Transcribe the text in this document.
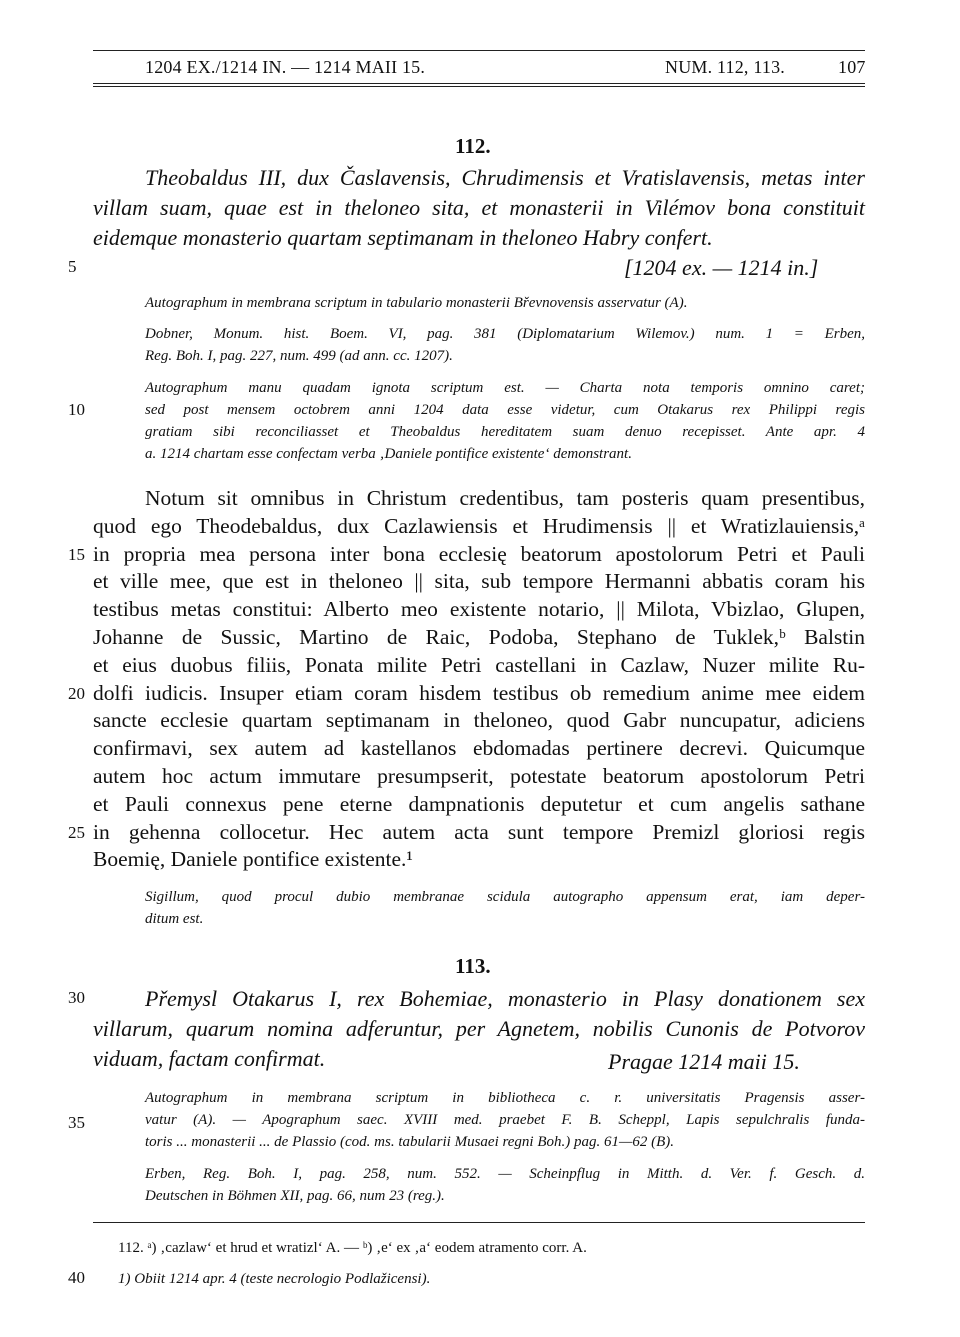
1204 EX./1214 IN. — 1214 MAII 15.	NUM. 112, 113.	107
112.
Theobaldus III, dux Časlavensis, Chrudimensis et Vratislavensis, metas inter
villam suam, quae est in theloneo sita, et monasterii in Vilémov bona constituit
eidemque monasterio quartam septimanam in theloneo Habry confert.
[1204 ex. — 1214 in.]
Autographum in membrana scriptum in tabulario monasterii Břevnovensis asservatur (A).
Dobner, Monum. hist. Boem. VI, pag. 381 (Diplomatarium Wilemov.) num. 1 = Erben,
Reg. Boh. I, pag. 227, num. 499 (ad ann. cc. 1207).
Autographum manu quadam ignota scriptum est. — Charta nota temporis omnino caret;
sed post mensem octobrem anni 1204 data esse videtur, cum Otakarus rex Philippi regis
gratiam sibi reconciliasset et Theobaldus hereditatem suam denuo recepisset. Ante apr. 4
a. 1214 chartam esse confectam verba ‚Daniele pontifice existente‘ demonstrant.
Notum sit omnibus in Christum credentibus, tam posteris quam presentibus,
quod ego Theodebaldus, dux Cazlawiensis et Hrudimensis || et Wratizlauiensis,ᵃ
in propria mea persona inter bona ecclesię beatorum apostolorum Petri et Pauli
et ville mee, que est in theloneo || sita, sub tempore Hermanni abbatis coram his
testibus metas constitui: Alberto meo existente notario, || Milota, Vbizlao, Glupen,
Johanne de Sussic, Martino de Raic, Podoba, Stephano de Tuklek,ᵇ Balstin
et eius duobus filiis, Ponata milite Petri castellani in Cazlaw, Nuzer milite Ru-
dolfi iudicis. Insuper etiam coram hisdem testibus ob remedium anime mee eidem
sancte ecclesie quartam septimanam in theloneo, quod Gabr nuncupatur, adiciens
confirmavi, sex autem ad kastellanos ebdomadas pertinere decrevi. Quicumque
autem hoc actum immutare presumpserit, potestate beatorum apostolorum Petri
et Pauli connexus pene eterne dampnationis deputetur et cum angelis sathane
in gehenna collocetur. Hec autem acta sunt tempore Premizl gloriosi regis
Boemię, Daniele pontifice existente.¹
Sigillum, quod procul dubio membranae scidula autographo appensum erat, iam deper-
ditum est.
113.
Přemysl Otakarus I, rex Bohemiae, monasterio in Plasy donationem sex
villarum, quarum nomina adferuntur, per Agnetem, nobilis Cunonis de Potvorov
viduam, factam confirmat.	Pragae 1214 maii 15.
Autographum in membrana scriptum in bibliotheca c. r. universitatis Pragensis asser-
vatur (A). — Apographum saec. XVIII med. praebet F. B. Scheppl, Lapis sepulchralis funda-
toris ... monasterii ... de Plassio (cod. ms. tabularii Musaei regni Boh.) pag. 61—62 (B).
Erben, Reg. Boh. I, pag. 258, num. 552. — Scheinpflug in Mitth. d. Ver. f. Gesch. d.
Deutschen in Böhmen XII, pag. 66, num 23 (reg.).
112. ᵃ) ‚cazlaw‘ et hrud et wratizl‘ A. — ᵇ) ‚e‘ ex ‚a‘ eodem atramento corr. A.
1) Obiit 1214 apr. 4 (teste necrologio Podlažicensi).
5
10
15
20
25
30
35
40
